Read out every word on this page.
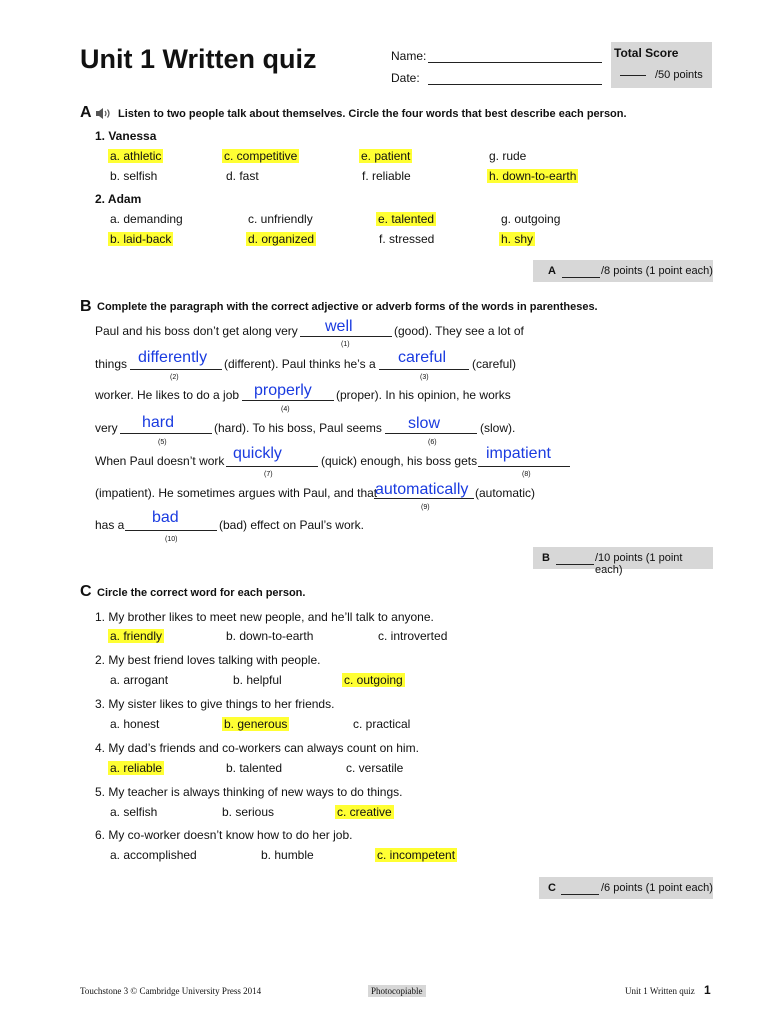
Unit 1 Written quiz	Name:
Date:
Total Score
/50 points
A Listen to two people talk about themselves. Circle the four words that best describe each person.
1. Vanessa
a. athletic	c. competitive	e. patient	g. rude
b. selfish	d. fast	f. reliable	h. down-to-earth
2. Adam
a. demanding	c. unfriendly	e. talented	g. outgoing
b. laid-back	d. organized	f. stressed	h. shy
A	/8 points (1 point each)
B Complete the paragraph with the correct adjective or adverb forms of the words in parentheses.
Paul and his boss don’t get along very well
(1)
(good). They see a lot of
things differently
(2)
(different). Paul thinks he’s a careful
(3)
(careful)
worker. He likes to do a job properly
(4)
(proper). In his opinion, he works
very hard
(5)
(hard). To his boss, Paul seems slow
(6)
(slow).
When Paul doesn’t work quickly
(7)
(quick) enough, his boss gets impatient
(8)
(impatient). He sometimes argues with Paul, and that
automatically
(9)
(automatic)
has a bad
(10)
(bad) effect on Paul’s work.
B	/10 points (1 point each)
C Circle the correct word for each person.
1. My brother likes to meet new people, and he’ll talk to anyone.
a. friendly	b. down-to-earth	c. introverted
2. My best friend loves talking with people.
a. arrogant	b. helpful	c. outgoing
3. My sister likes to give things to her friends.
a. honest	b. generous	c. practical
4. My dad’s friends and co-workers can always count on him.
a. reliable	b. talented	c. versatile
5. My teacher is always thinking of new ways to do things.
a. selfish	b. serious	c. creative
6. My co-worker doesn’t know how to do her job.
a. accomplished	b. humble	c. incompetent
C	/6 points (1 point each)
Touchstone 3 © Cambridge University Press 2014	Photocopiable	Unit 1 Written quiz 1
